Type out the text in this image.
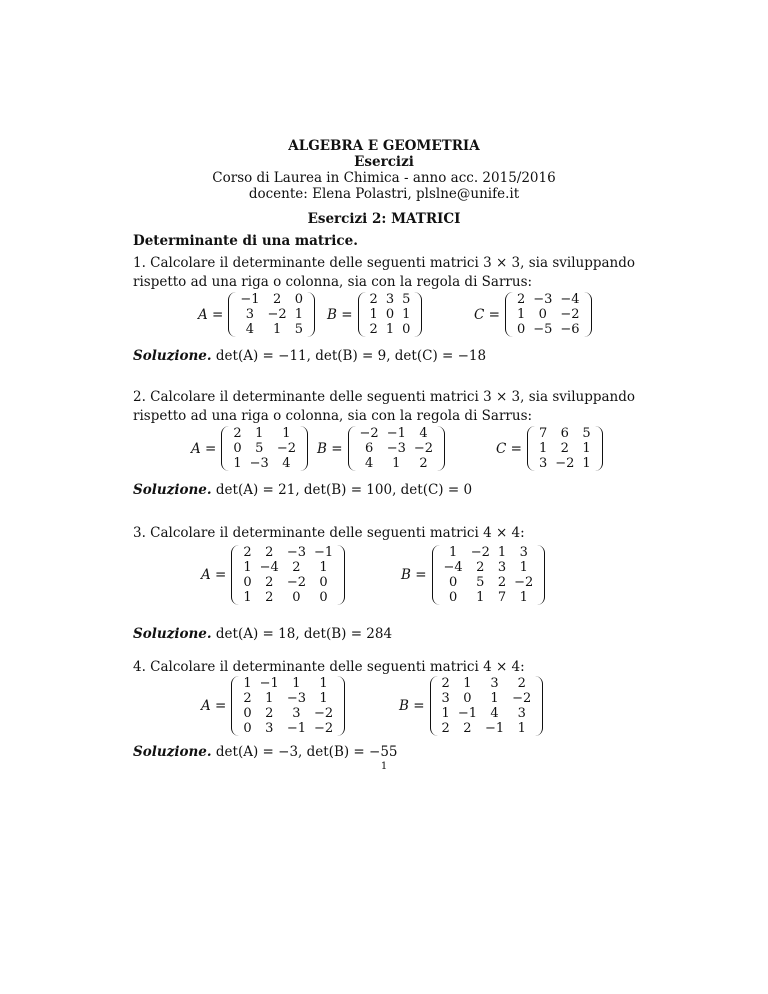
ALGEBRA E GEOMETRIA
Esercizi
Corso di Laurea in Chimica - anno acc. 2015/2016
docente: Elena Polastri, plslne@unife.it
Esercizi 2: MATRICI
Determinante di una matrice.
1. Calcolare il determinante delle seguenti matrici 3 × 3, sia sviluppando rispetto ad una riga o colonna, sia con la regola di Sarrus:
A =
−1	2	0
3	−2	1
4	1	5
B =
2	3	5
1	0	1
2	1	0
C =
2	−3	−4
1	0	−2
0	−5	−6
Soluzione. det(A) = −11, det(B) = 9, det(C) = −18
2. Calcolare il determinante delle seguenti matrici 3 × 3, sia sviluppando rispetto ad una riga o colonna, sia con la regola di Sarrus:
A =
2	1	1
0	5	−2
1	−3	4
B =
−2	−1	4
6	−3	−2
4	1	2
C =
7	6	5
1	2	1
3	−2	1
Soluzione. det(A) = 21, det(B) = 100, det(C) = 0
3. Calcolare il determinante delle seguenti matrici 4 × 4:
A =
2	2	−3	−1
1	−4	2	1
0	2	−2	0
1	2	0	0
B =
1	−2	1	3
−4	2	3	1
0	5	2	−2
0	1	7	1
Soluzione. det(A) = 18, det(B) = 284
4. Calcolare il determinante delle seguenti matrici 4 × 4:
A =
1	−1	1	1
2	1	−3	1
0	2	3	−2
0	3	−1	−2
B =
2	1	3	2
3	0	1	−2
1	−1	4	3
2	2	−1	1
Soluzione. det(A) = −3, det(B) = −55
1
